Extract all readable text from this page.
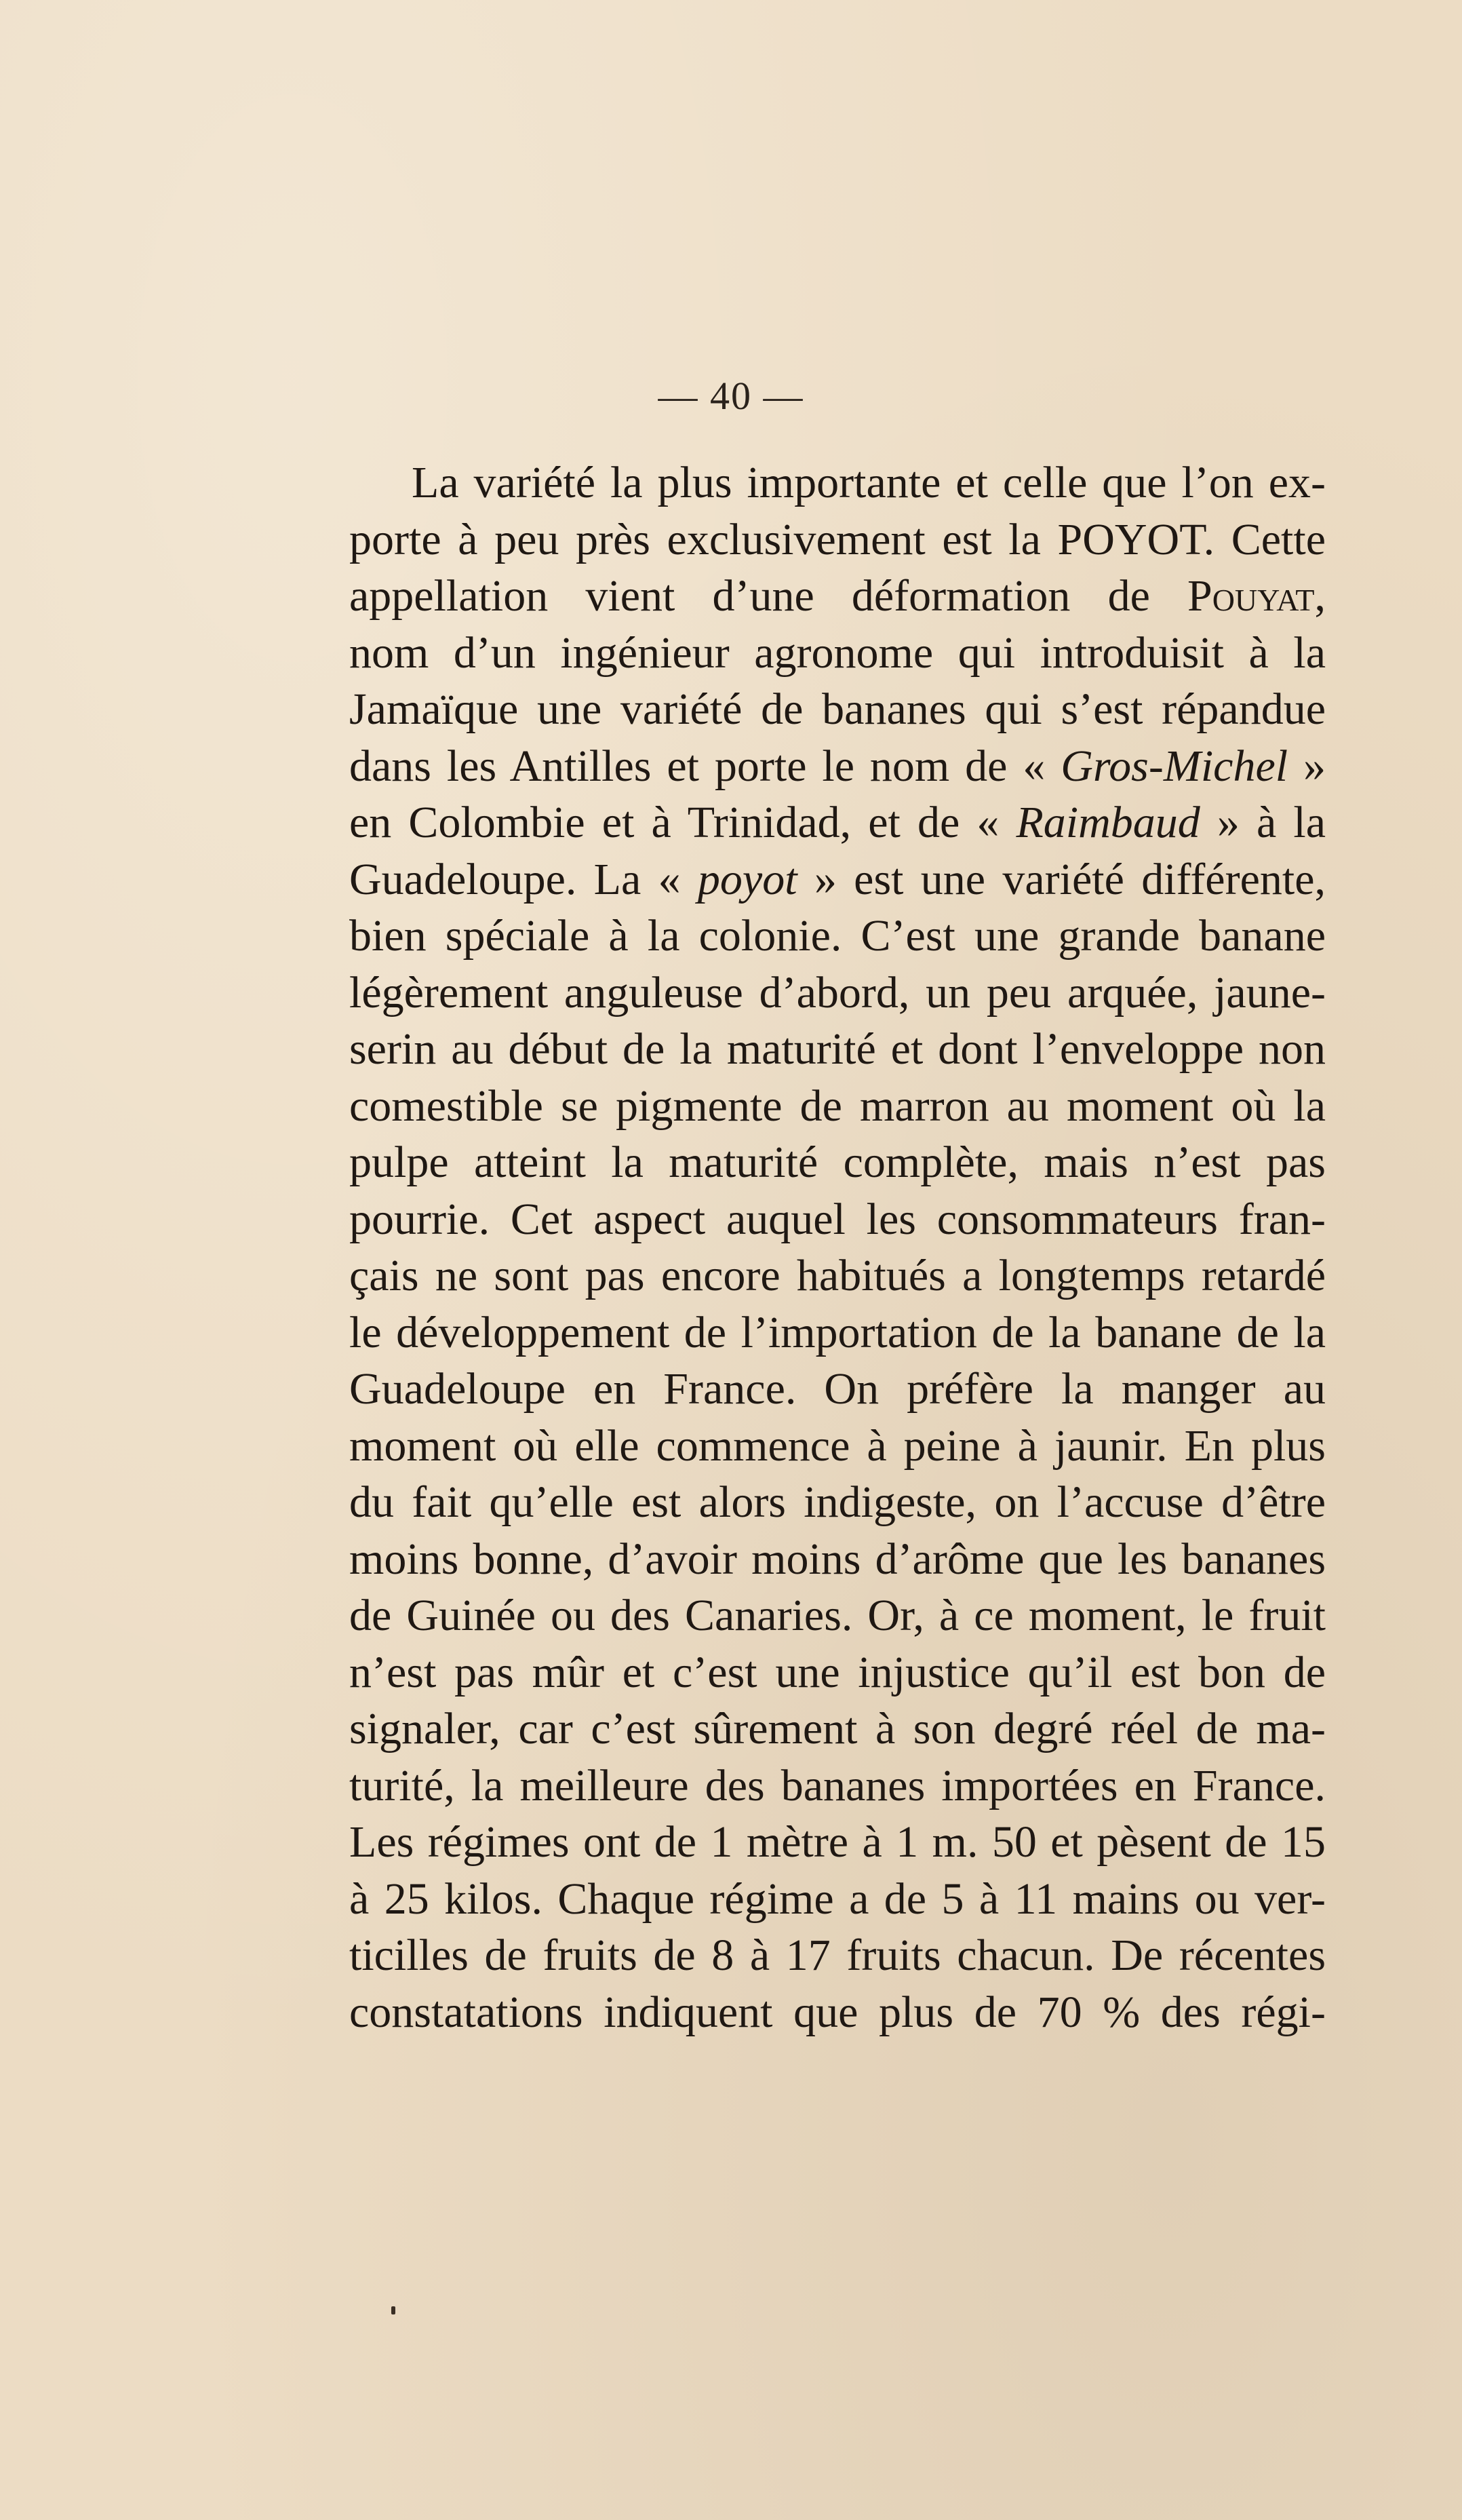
— 40 —
La variété la plus importante et celle que l’on ex-
porte à peu près exclusivement est la POYOT. Cette
appellation vient d’une déformation de Pouyat,
nom d’un ingénieur agronome qui introduisit à la
Jamaïque une variété de bananes qui s’est répandue
dans les Antilles et porte le nom de « Gros-Michel »
en Colombie et à Trinidad, et de « Raimbaud » à la
Guadeloupe. La « poyot » est une variété différente,
bien spéciale à la colonie. C’est une grande banane
légèrement anguleuse d’abord, un peu arquée, jaune-
serin au début de la maturité et dont l’enveloppe non
comestible se pigmente de marron au moment où la
pulpe atteint la maturité complète, mais n’est pas
pourrie. Cet aspect auquel les consommateurs fran-
çais ne sont pas encore habitués a longtemps retardé
le développement de l’importation de la banane de la
Guadeloupe en France. On préfère la manger au
moment où elle commence à peine à jaunir. En plus
du fait qu’elle est alors indigeste, on l’accuse d’être
moins bonne, d’avoir moins d’arôme que les bananes
de Guinée ou des Canaries. Or, à ce moment, le fruit
n’est pas mûr et c’est une injustice qu’il est bon de
signaler, car c’est sûrement à son degré réel de ma-
turité, la meilleure des bananes importées en France.
Les régimes ont de 1 mètre à 1 m. 50 et pèsent de 15
à 25 kilos. Chaque régime a de 5 à 11 mains ou ver-
ticilles de fruits de 8 à 17 fruits chacun. De récentes
constatations indiquent que plus de 70 % des régi-
